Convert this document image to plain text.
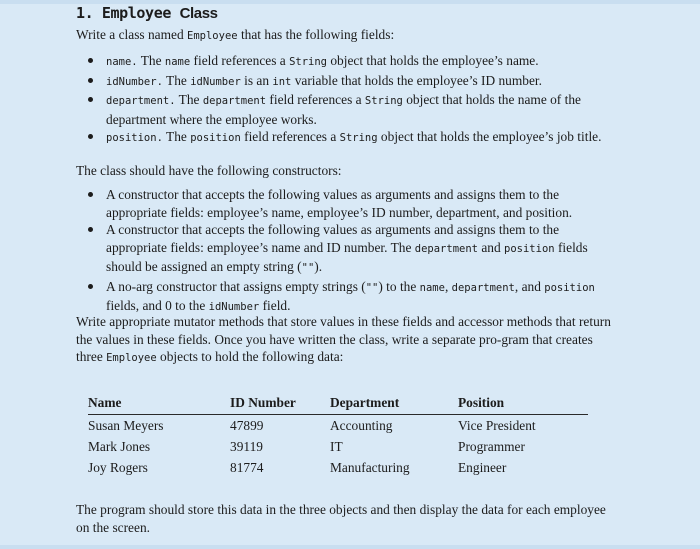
1. Employee Class
Write a class named Employee that has the following fields:
name. The name field references a String object that holds the employee’s name.
idNumber. The idNumber is an int variable that holds the employee’s ID number.
department. The department field references a String object that holds the name of the department where the employee works.
position. The position field references a String object that holds the employee’s job title.
The class should have the following constructors:
A constructor that accepts the following values as arguments and assigns them to the appropriate fields: employee’s name, employee’s ID number, department, and position.
A constructor that accepts the following values as arguments and assigns them to the appropriate fields: employee’s name and ID number. The department and position fields should be assigned an empty string ("").
A no-arg constructor that assigns empty strings ("") to the name, department, and position fields, and 0 to the idNumber field.
Write appropriate mutator methods that store values in these fields and accessor methods that return the values in these fields. Once you have written the class, write a separate pro-gram that creates three Employee objects to hold the following data:
Name	ID Number	Department	Position
Susan Meyers	47899	Accounting	Vice President
Mark Jones	39119	IT	Programmer
Joy Rogers	81774	Manufacturing	Engineer
The program should store this data in the three objects and then display the data for each employee on the screen.
